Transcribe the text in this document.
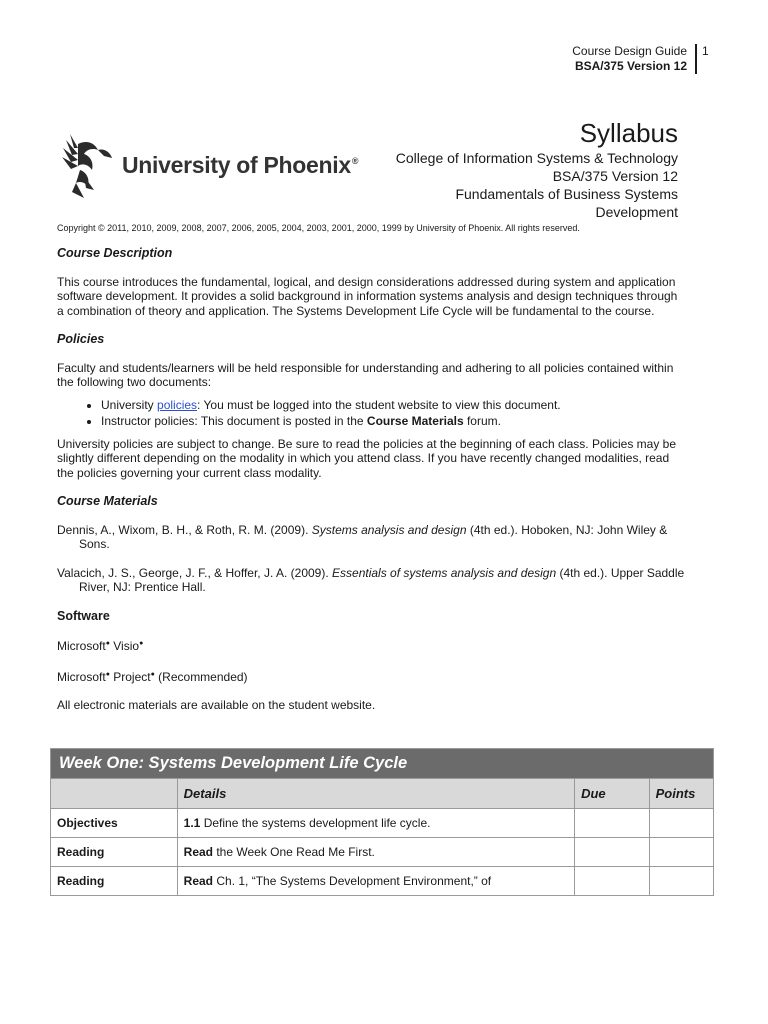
Course Design Guide
BSA/375 Version 12
1
University of Phoenix®
Syllabus
College of Information Systems & Technology
BSA/375 Version 12
Fundamentals of Business Systems
Development
Copyright © 2011, 2010, 2009, 2008, 2007, 2006, 2005, 2004, 2003, 2001, 2000, 1999 by University of Phoenix. All rights reserved.
Course Description
This course introduces the fundamental, logical, and design considerations addressed during system and application software development. It provides a solid background in information systems analysis and design techniques through a combination of theory and application. The Systems Development Life Cycle will be fundamental to the course.
Policies
Faculty and students/learners will be held responsible for understanding and adhering to all policies contained within the following two documents:
• University policies: You must be logged into the student website to view this document.
• Instructor policies: This document is posted in the Course Materials forum.
University policies are subject to change. Be sure to read the policies at the beginning of each class. Policies may be slightly different depending on the modality in which you attend class. If you have recently changed modalities, read the policies governing your current class modality.
Course Materials
Dennis, A., Wixom, B. H., & Roth, R. M. (2009). Systems analysis and design (4th ed.). Hoboken, NJ: John Wiley & Sons.
Valacich, J. S., George, J. F., & Hoffer, J. A. (2009). Essentials of systems analysis and design (4th ed.). Upper Saddle River, NJ: Prentice Hall.
Software
Microsoft● Visio●
Microsoft● Project● (Recommended)
All electronic materials are available on the student website.
Week One: Systems Development Life Cycle			
	Details	Due	Points
Objectives	1.1 Define the systems development life cycle.		
Reading	Read the Week One Read Me First.		
Reading	Read Ch. 1, “The Systems Development Environment,” of		
